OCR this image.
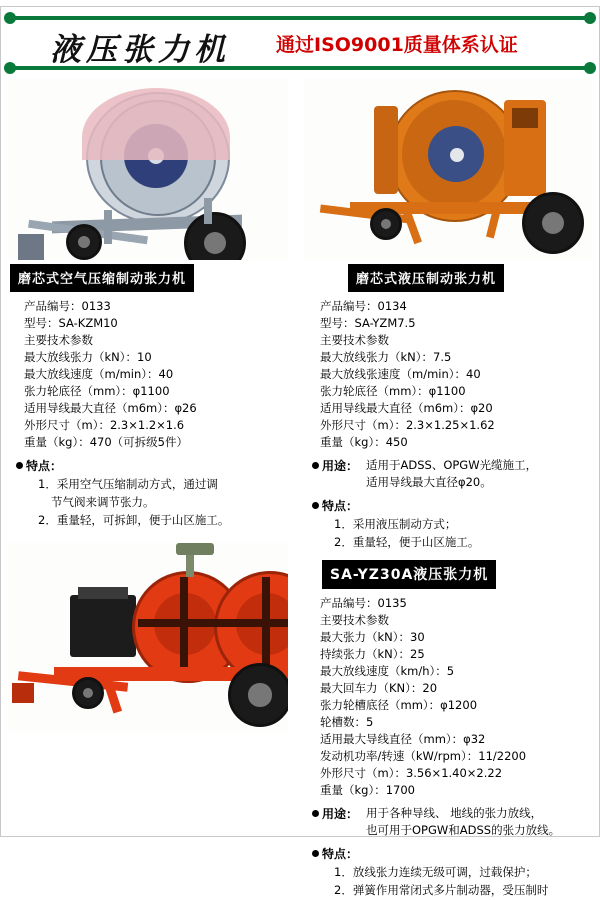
液压张力机 通过ISO9001质量体系认证
磨芯式空气压缩制动张力机
产品编号：0133
型号：SA-KZM10
主要技术参数
最大放线张力（kN）：10
最大放线速度（m/min）：40
张力轮底径（mm）：φ1100
适用导线最大直径（m6m）：φ26
外形尺寸（m）：2.3×1.2×1.6
重量（kg）：470（可拆级5件）
特点：
1．采用空气压缩制动方式，通过调
节气阀来调节张力。
2．重量轻，可拆卸，便于山区施工。
磨芯式液压制动张力机
产品编号：0134
型号：SA-YZM7.5
主要技术参数
最大放线张力（kN）：7.5
最大放线张速度（m/min）：40
张力轮底径（mm）：φ1100
适用导线最大直径（m6m）：φ20
外形尺寸（m）：2.3×1.25×1.62
重量（kg）：450
用途： 适用于ADSS、OPGW光缆施工，
适用导线最大直径φ20。
特点：
1．采用液压制动方式；
2．重量轻，便于山区施工。
SA-YZ30A液压张力机
产品编号：0135
主要技术参数
最大张力（kN）：30
持续张力（kN）：25
最大放线速度（km/h）：5
最大回车力（KN）：20
张力轮槽底径（mm）：φ1200
轮槽数：5
适用最大导线直径（mm）：φ32
发动机功率/转速（kW/rpm）：11/2200
外形尺寸（m）：3.56×1.40×2.22
重量（kg）：1700
用途： 用于各种导线、 地线的张力放线，
也可用于OPGW和ADSS的张力放线。
特点：
1．放线张力连续无级可调，过载保护；
2．弹簧作用常闭式多片制动器，受压制时
